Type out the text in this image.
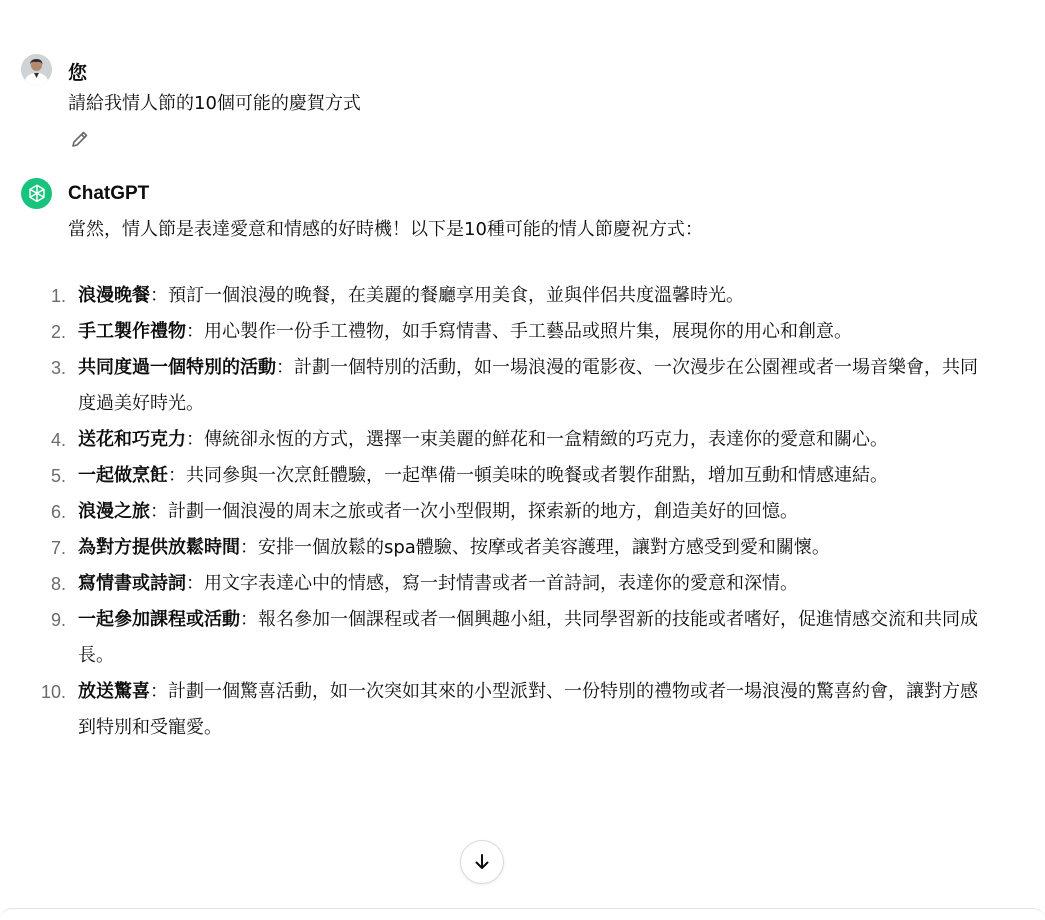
您
請給我情人節的10個可能的慶賀方式
ChatGPT
當然，情人節是表達愛意和情感的好時機！以下是10種可能的情人節慶祝方式：
1. 浪漫晚餐：預訂一個浪漫的晚餐，在美麗的餐廳享用美食，並與伴侶共度溫馨時光。
2. 手工製作禮物：用心製作一份手工禮物，如手寫情書、手工藝品或照片集，展現你的用心和創意。
3. 共同度過一個特別的活動：計劃一個特別的活動，如一場浪漫的電影夜、一次漫步在公園裡或者一場音樂會，共同度過美好時光。
4. 送花和巧克力：傳統卻永恆的方式，選擇一束美麗的鮮花和一盒精緻的巧克力，表達你的愛意和關心。
5. 一起做烹飪：共同參與一次烹飪體驗，一起準備一頓美味的晚餐或者製作甜點，增加互動和情感連結。
6. 浪漫之旅：計劃一個浪漫的周末之旅或者一次小型假期，探索新的地方，創造美好的回憶。
7. 為對方提供放鬆時間：安排一個放鬆的spa體驗、按摩或者美容護理，讓對方感受到愛和關懷。
8. 寫情書或詩詞：用文字表達心中的情感，寫一封情書或者一首詩詞，表達你的愛意和深情。
9. 一起參加課程或活動：報名參加一個課程或者一個興趣小組，共同學習新的技能或者嗜好，促進情感交流和共同成長。
10. 放送驚喜：計劃一個驚喜活動，如一次突如其來的小型派對、一份特別的禮物或者一場浪漫的驚喜約會，讓對方感到特別和受寵愛。
